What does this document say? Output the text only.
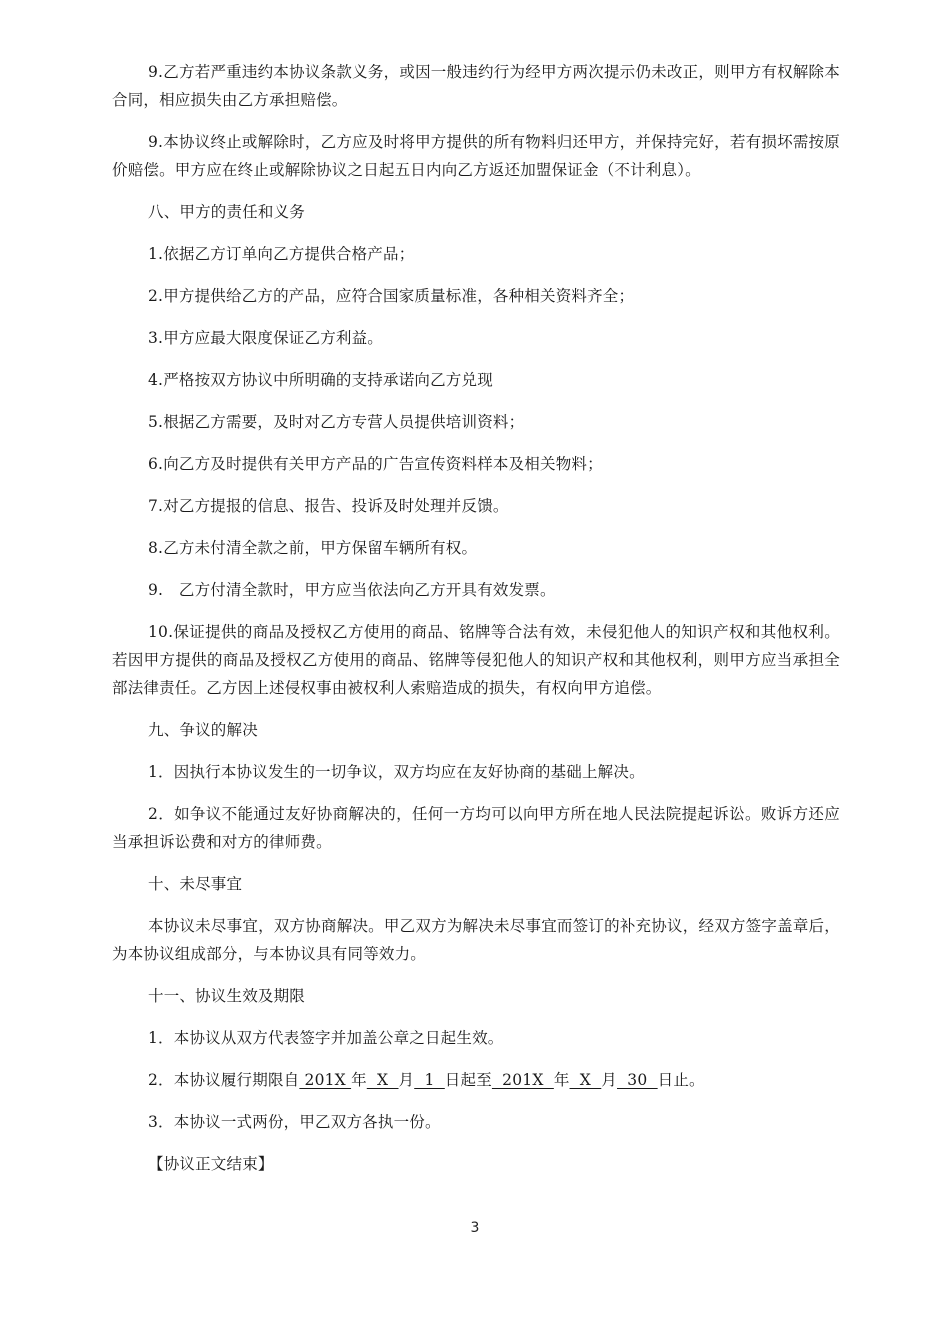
9.乙方若严重违约本协议条款义务，或因一般违约行为经甲方两次提示仍未改正，则甲方有权解除本合同，相应损失由乙方承担赔偿。

9.本协议终止或解除时，乙方应及时将甲方提供的所有物料归还甲方，并保持完好，若有损坏需按原价赔偿。甲方应在终止或解除协议之日起五日内向乙方返还加盟保证金（不计利息）。

八、甲方的责任和义务

1.依据乙方订单向乙方提供合格产品；

2.甲方提供给乙方的产品，应符合国家质量标准，各种相关资料齐全；

3.甲方应最大限度保证乙方利益。

4.严格按双方协议中所明确的支持承诺向乙方兑现

5.根据乙方需要，及时对乙方专营人员提供培训资料；

6.向乙方及时提供有关甲方产品的广告宣传资料样本及相关物料；

7.对乙方提报的信息、报告、投诉及时处理并反馈。

8.乙方未付清全款之前，甲方保留车辆所有权。

9.　乙方付清全款时，甲方应当依法向乙方开具有效发票。

10.保证提供的商品及授权乙方使用的商品、铭牌等合法有效，未侵犯他人的知识产权和其他权利。若因甲方提供的商品及授权乙方使用的商品、铭牌等侵犯他人的知识产权和其他权利，则甲方应当承担全部法律责任。乙方因上述侵权事由被权利人索赔造成的损失，有权向甲方追偿。

九、争议的解决

1．因执行本协议发生的一切争议，双方均应在友好协商的基础上解决。

2．如争议不能通过友好协商解决的，任何一方均可以向甲方所在地人民法院提起诉讼。败诉方还应当承担诉讼费和对方的律师费。

十、未尽事宜

本协议未尽事宜，双方协商解决。甲乙双方为解决未尽事宜而签订的补充协议，经双方签字盖章后，为本协议组成部分，与本协议具有同等效力。

十一、协议生效及期限

1．本协议从双方代表签字并加盖公章之日起生效。

2．本协议履行期限自 201X 年  X  月  1  日起至  201X  年  X  月  30  日止。

3．本协议一式两份，甲乙双方各执一份。

【协议正文结束】

3
